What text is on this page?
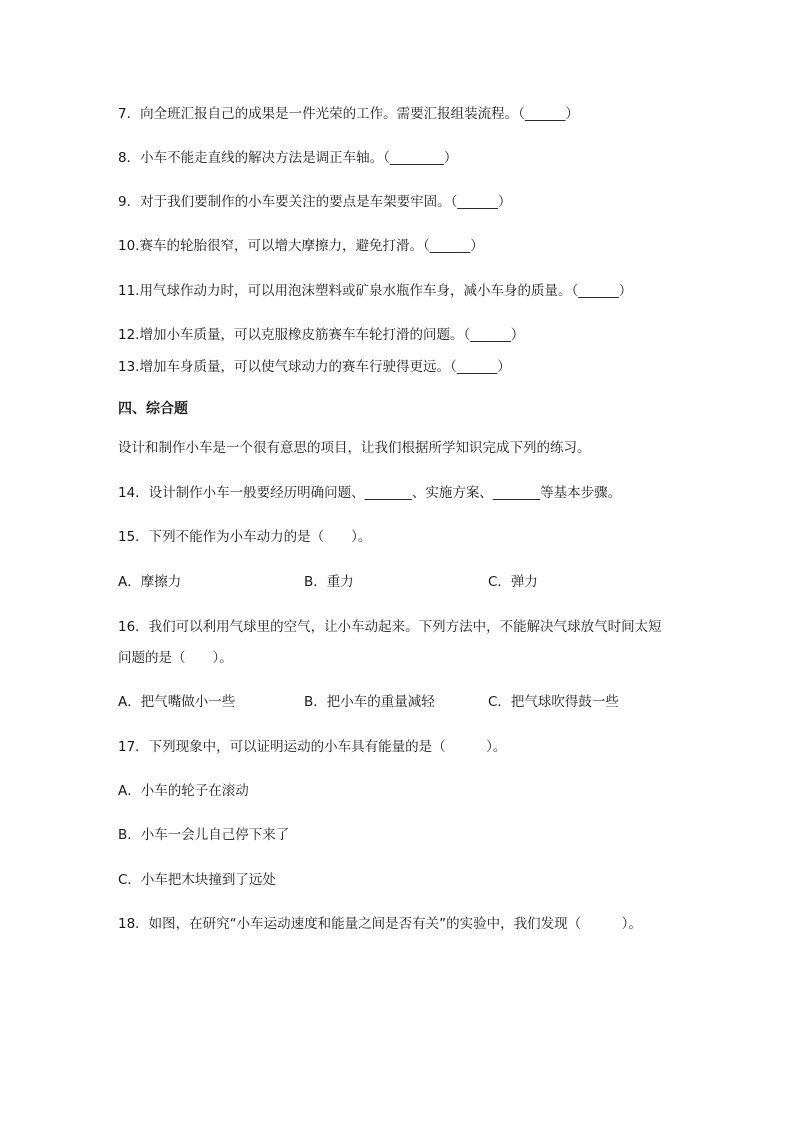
7．向全班汇报自己的成果是一件光荣的工作。需要汇报组装流程。（______）
8．小车不能走直线的解决方法是调正车轴。（________）
9．对于我们要制作的小车要关注的要点是车架要牢固。（______）
10.赛车的轮胎很窄，可以增大摩擦力，避免打滑。（______）
11.用气球作动力时，可以用泡沫塑料或矿泉水瓶作车身，减小车身的质量。（______）
12.增加小车质量，可以克服橡皮筋赛车车轮打滑的问题。（______）
13.增加车身质量，可以使气球动力的赛车行驶得更远。（______）
四、综合题
设计和制作小车是一个很有意思的项目，让我们根据所学知识完成下列的练习。
14．设计制作小车一般要经历明确问题、_______、实施方案、_______等基本步骤。
15．下列不能作为小车动力的是（　　）。
A．摩擦力	B．重力	C．弹力
16．我们可以利用气球里的空气，让小车动起来。下列方法中，不能解决气球放气时间太短
问题的是（　　）。
A．把气嘴做小一些	B．把小车的重量减轻	C．把气球吹得鼓一些
17．下列现象中，可以证明运动的小车具有能量的是（　　　）。
A．小车的轮子在滚动
B．小车一会儿自己停下来了
C．小车把木块撞到了远处
18．如图，在研究“小车运动速度和能量之间是否有关”的实验中，我们发现（　　　）。
